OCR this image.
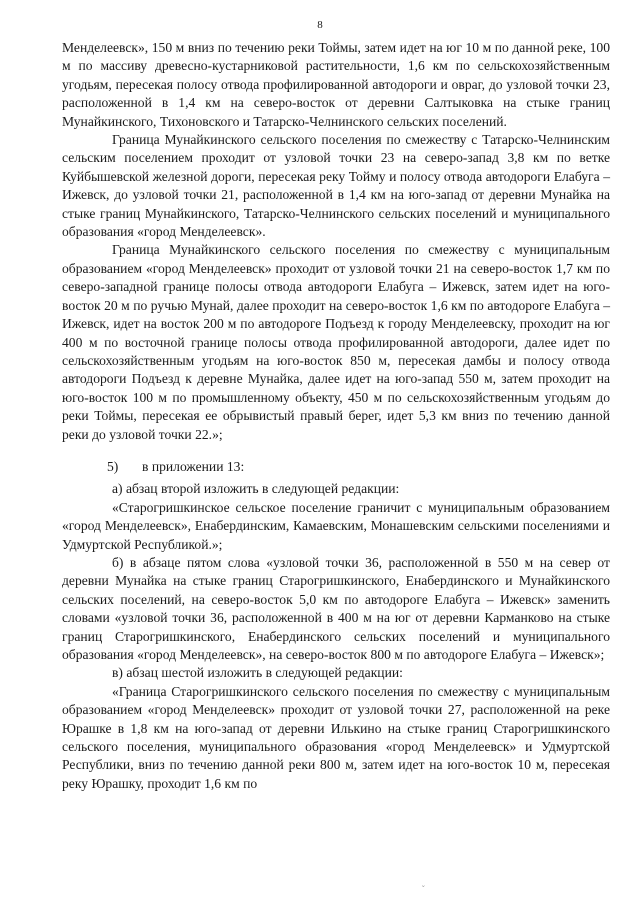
8

Менделеевск», 150 м вниз по течению реки Тоймы, затем идет на юг 10 м по данной реке, 100 м по массиву древесно-кустарниковой растительности, 1,6 км по сельскохозяйственным угодьям, пересекая полосу отвода профилированной автодороги и овраг, до узловой точки 23, расположенной в 1,4 км на северо-восток от деревни Салтыковка на стыке границ Мунайкинского, Тихоновского и Татарско-Челнинского сельских поселений.

Граница Мунайкинского сельского поселения по смежеству с Татарско-Челнинским сельским поселением проходит от узловой точки 23 на северо-запад 3,8 км по ветке Куйбышевской железной дороги, пересекая реку Тойму и полосу отвода автодороги Елабуга – Ижевск, до узловой точки 21, расположенной в 1,4 км на юго-запад от деревни Мунайка на стыке границ Мунайкинского, Татарско-Челнинского сельских поселений и муниципального образования «город Менделеевск».

Граница Мунайкинского сельского поселения по смежеству с муниципальным образованием «город Менделеевск» проходит от узловой точки 21 на северо-восток 1,7 км по северо-западной границе полосы отвода автодороги Елабуга – Ижевск, затем идет на юго-восток 20 м по ручью Мунай, далее проходит на северо-восток 1,6 км по автодороге Елабуга – Ижевск, идет на восток 200 м по автодороге Подъезд к городу Менделеевску, проходит на юг 400 м по восточной границе полосы отвода профилированной автодороги, далее идет по сельскохозяйственным угодьям на юго-восток 850 м, пересекая дамбы и полосу отвода автодороги Подъезд к деревне Мунайка, далее идет на юго-запад 550 м, затем проходит на юго-восток 100 м по промышленному объекту, 450 м по сельскохозяйственным угодьям до реки Тоймы, пересекая ее обрывистый правый берег, идет 5,3 км вниз по течению данной реки до узловой точки 22.»;

5) в приложении 13:

а) абзац второй изложить в следующей редакции:

«Старогришкинское сельское поселение граничит с муниципальным образованием «город Менделеевск», Енабердинским, Камаевским, Монашевским сельскими поселениями и Удмуртской Республикой.»;

б) в абзаце пятом слова «узловой точки 36, расположенной в 550 м на север от деревни Мунайка на стыке границ Старогришкинского, Енабердинского и Мунайкинского сельских поселений, на северо-восток 5,0 км по автодороге Елабуга – Ижевск» заменить словами «узловой точки 36, расположенной в 400 м на юг от деревни Карманково на стыке границ Старогришкинского, Енабердинского сельских поселений и муниципального образования «город Менделеевск», на северо-восток 800 м по автодороге Елабуга – Ижевск»;

в) абзац шестой изложить в следующей редакции:

«Граница Старогришкинского сельского поселения по смежеству с муниципальным образованием «город Менделеевск» проходит от узловой точки 27, расположенной на реке Юрашке в 1,8 км на юго-запад от деревни Илькино на стыке границ Старогришкинского сельского поселения, муниципального образования «город Менделеевск» и Удмуртской Республики, вниз по течению данной реки 800 м, затем идет на юго-восток 10 м, пересекая реку Юрашку, проходит 1,6 км по

˘
